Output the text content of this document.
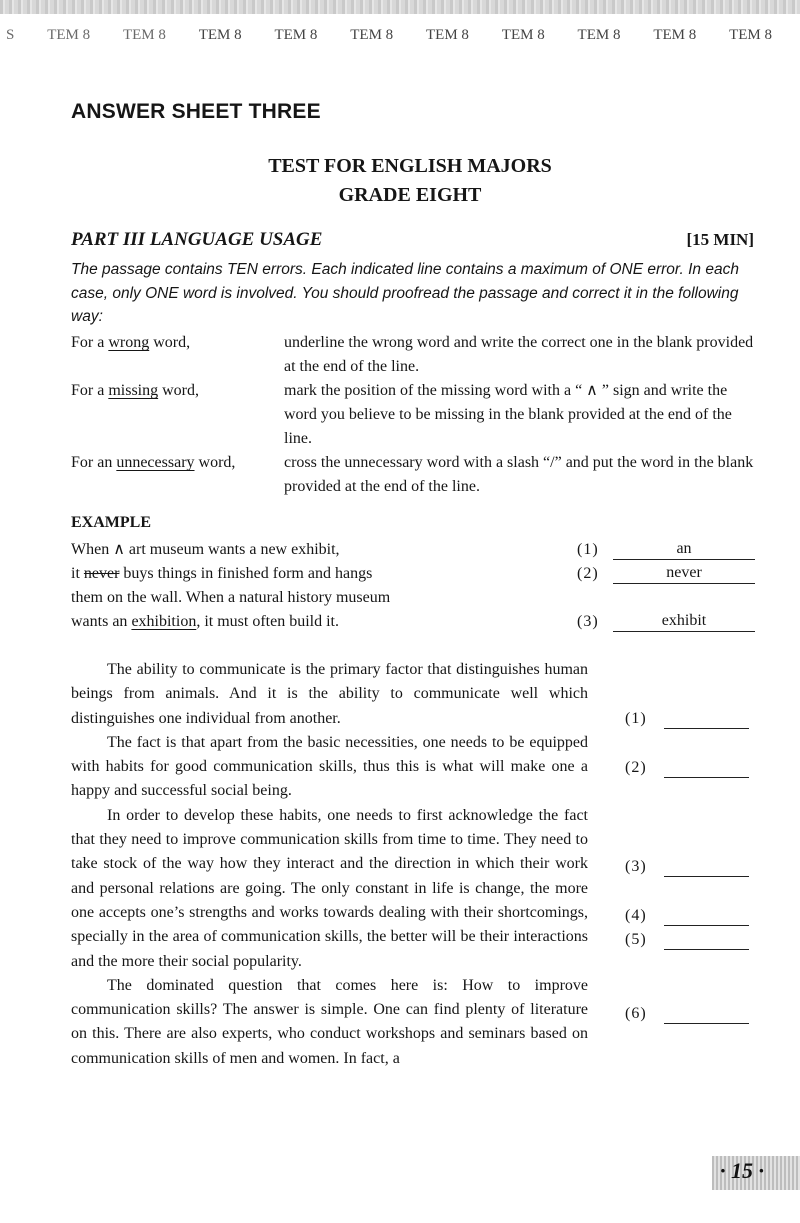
S TEM 8 TEM 8 TEM 8 TEM 8 TEM 8 TEM 8 TEM 8 TEM 8 TEM 8 TEM 8
ANSWER SHEET THREE
TEST FOR ENGLISH MAJORS
GRADE EIGHT
PART III LANGUAGE USAGE	[15 MIN]

The passage contains TEN errors. Each indicated line contains a maximum of ONE error. In each case, only ONE word is involved. You should proofread the passage and correct it in the following way:

For a wrong word,	underline the wrong word and write the correct one in the blank provided at the end of the line.

For a missing word,	mark the position of the missing word with a “ ∧ ” sign and write the word you believe to be missing in the blank provided at the end of the line.

For an unnecessary word,	cross the unnecessary word with a slash “/” and put the word in the blank provided at the end of the line.

EXAMPLE
When ∧ art museum wants a new exhibit,
it never buys things in finished form and hangs
them on the wall. When a natural history museum
wants an exhibition, it must often build it.
(1)	an
(2)	never
(3)	exhibit

The ability to communicate is the primary factor that distinguishes human beings from animals. And it is the ability to communicate well which distinguishes one individual from another.

The fact is that apart from the basic necessities, one needs to be equipped with habits for good communication skills, thus this is what will make one a happy and successful social being.

In order to develop these habits, one needs to first acknowledge the fact that they need to improve communication skills from time to time. They need to take stock of the way how they interact and the direction in which their work and personal relations are going. The only constant in life is change, the more one accepts one’s strengths and works towards dealing with their shortcomings, specially in the area of communication skills, the better will be their interactions and the more their social popularity.

The dominated question that comes here is: How to improve communication skills? The answer is simple. One can find plenty of literature on this. There are also experts, who conduct workshops and seminars based on communication skills of men and women. In fact, a

(1)
(2)
(3)
(4)
(5)
(6)
· 15 ·
